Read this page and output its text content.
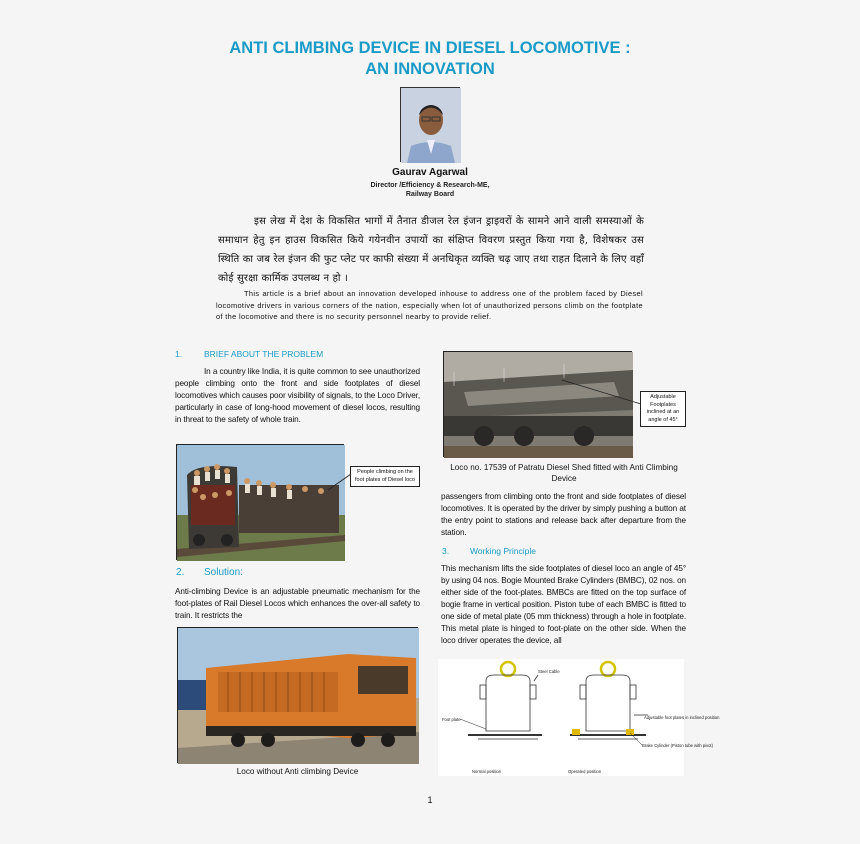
ANTI CLIMBING DEVICE IN DIESEL LOCOMOTIVE :
AN INNOVATION
Gaurav Agarwal
Director /Efficiency & Research-ME,
Railway Board
इस लेख में देश के विकसित भागों में तैनात डीजल रेल इंजन ड्राइवरों के सामने आने वाली समस्याओं के समाधान हेतु इन हाउस विकसित किये गयेनवीन उपायों का संक्षिप्त विवरण प्रस्तुत किया गया है, विशेषकर उस स्थिति का जब रेल इंजन की फुट प्लेट पर काफी संख्या में अनधिकृत व्यक्ति चढ़ जाए तथा राहत दिलाने के लिए वहाँ कोई सुरक्षा कार्मिक उपलब्ध न हो ।
This article is a brief about an innovation developed inhouse to address one of the problem faced by Diesel locomotive drivers in various corners of the nation, especially when lot of unauthorized persons climb on the footplate of the locomotive and there is no security personnel nearby to provide relief.
1.	BRIEF ABOUT THE PROBLEM
In a country like India, it is quite common to see unauthorized people climbing onto the front and side footplates of diesel locomotives which causes poor visibility of signals, to the Loco Driver, particularly in case of long-hood movement of diesel locos, resulting in threat to the safety of whole train.
People climbing on the foot plates of Diesel loco
2. Solution:
Anti-climbing Device is an adjustable pneumatic mechanism for the foot-plates of Rail Diesel Locos which enhances the over-all safety to train. It restricts the
Loco without Anti climbing Device
Adjustable Footplates inclined at an angle of 45°
Loco no. 17539 of Patratu Diesel Shed fitted with Anti Climbing Device
passengers from climbing onto the front and side footplates of diesel locomotives. It is operated by the driver by simply pushing a button at the entry point to stations and release back after departure from the station.
3. Working Principle
This mechanism lifts the side footplates of diesel loco an angle of 45° by using 04 nos. Bogie Mounted Brake Cylinders (BMBC), 02 nos. on either side of the foot-plates. BMBCs are fitted on the top surface of bogie frame in vertical position. Piston tube of each BMBC is fitted to one side of metal plate (05 mm thickness) through a hole in footplate. This metal plate is hinged to foot-plate on the other side. When the loco driver operates the device, all
Steel Cable
Foot plate	Adjustable foot plates in inclined position
Brake Cylinder (Piston tube with pivot)
Normal position	Operated position
1
